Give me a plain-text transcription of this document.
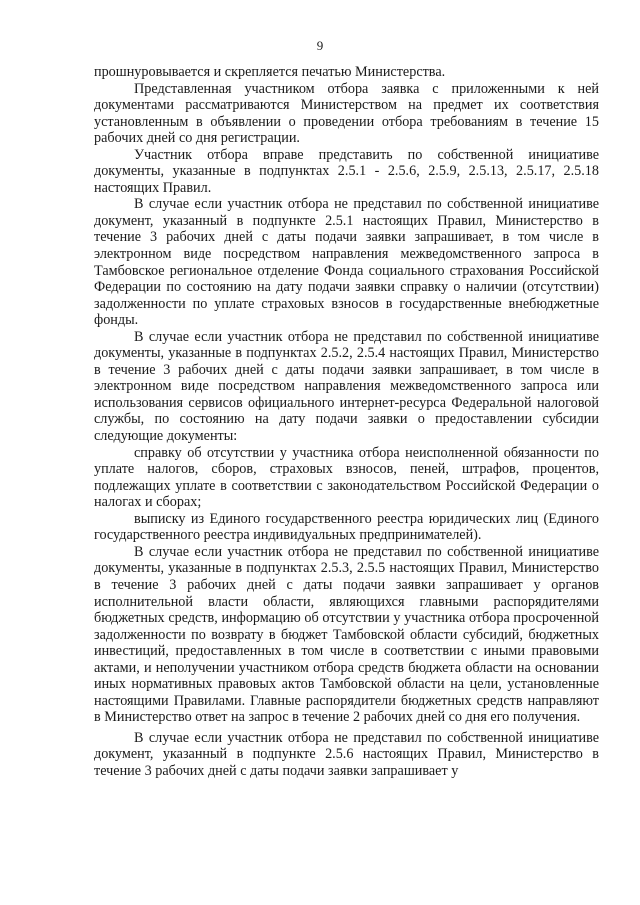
9

прошнуровывается и скрепляется печатью Министерства.

Представленная участником отбора заявка с приложенными к ней документами рассматриваются Министерством на предмет их соответствия установленным в объявлении о проведении отбора требованиям в течение 15 рабочих дней со дня регистрации.

Участник отбора вправе представить по собственной инициативе документы, указанные в подпунктах 2.5.1 - 2.5.6, 2.5.9, 2.5.13, 2.5.17, 2.5.18 настоящих Правил.

В случае если участник отбора не представил по собственной инициативе документ, указанный в подпункте 2.5.1 настоящих Правил, Министерство в течение 3 рабочих дней с даты подачи заявки запрашивает, в том числе в электронном виде посредством направления межведомственного запроса в Тамбовское региональное отделение Фонда социального страхования Российской Федерации по состоянию на дату подачи заявки справку о наличии (отсутствии) задолженности по уплате страховых взносов в государственные внебюджетные фонды.

В случае если участник отбора не представил по собственной инициативе документы, указанные в подпунктах 2.5.2, 2.5.4 настоящих Правил, Министерство в течение 3 рабочих дней с даты подачи заявки запрашивает, в том числе в электронном виде посредством направления межведомственного запроса или использования сервисов официального интернет-ресурса Федеральной налоговой службы, по состоянию на дату подачи заявки о предоставлении субсидии следующие документы:

справку об отсутствии у участника отбора неисполненной обязанности по уплате налогов, сборов, страховых взносов, пеней, штрафов, процентов, подлежащих уплате в соответствии с законодательством Российской Федерации о налогах и сборах;

выписку из Единого государственного реестра юридических лиц (Единого государственного реестра индивидуальных предпринимателей).

В случае если участник отбора не представил по собственной инициативе документы, указанные в подпунктах 2.5.3, 2.5.5 настоящих Правил, Министерство в течение 3 рабочих дней с даты подачи заявки запрашивает у органов исполнительной власти области, являющихся главными распорядителями бюджетных средств, информацию об отсутствии у участника отбора просроченной задолженности по возврату в бюджет Тамбовской области субсидий, бюджетных инвестиций, предоставленных в том числе в соответствии с иными правовыми актами, и неполучении участником отбора средств бюджета области на основании иных нормативных правовых актов Тамбовской области на цели, установленные настоящими Правилами. Главные распорядители бюджетных средств направляют в Министерство ответ на запрос в течение 2 рабочих дней со дня его получения.

В случае если участник отбора не представил по собственной инициативе документ, указанный в подпункте 2.5.6 настоящих Правил, Министерство в течение 3 рабочих дней с даты подачи заявки запрашивает у
